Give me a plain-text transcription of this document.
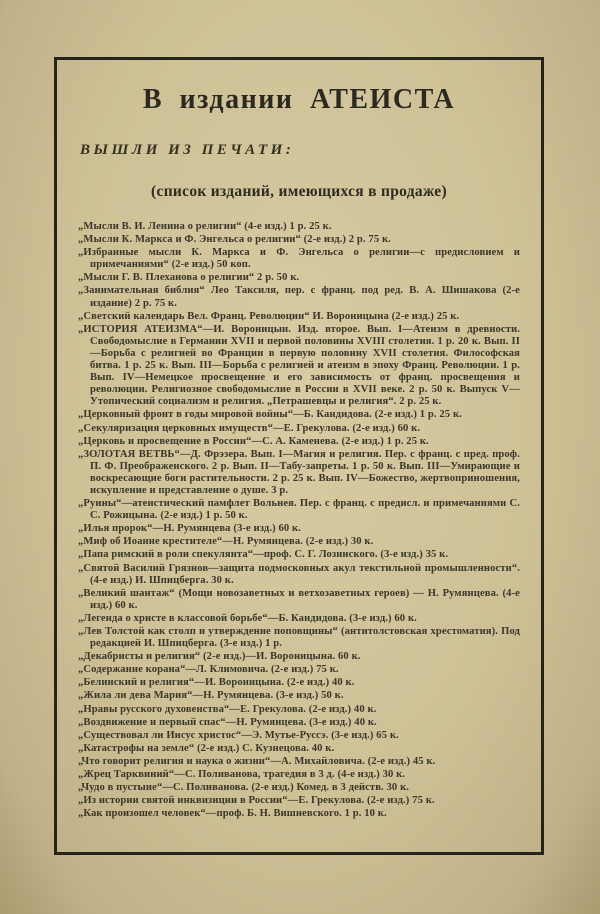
В издании АТЕИСТА
ВЫШЛИ ИЗ ПЕЧАТИ:
(список изданий, имеющихся в продаже)

„Мысли В. И. Ленина о религии“ (4-е изд.) 1 р. 25 к.

„Мысли К. Маркса и Ф. Энгельса о религии“ (2-е изд.) 2 р. 75 к.

„Избранные мысли К. Маркса и Ф. Энгельса о религии—с предисловием и примечаниями“ (2-е изд.) 50 коп.

„Мысли Г. В. Плеханова о религии“ 2 р. 50 к.

„Занимательная библия“ Лео Таксиля, пер. с франц. под ред. В. А. Шишакова (2-е издание) 2 р. 75 к.

„Светский календарь Вел. Франц. Революции“ И. Вороницына (2-е изд.) 25 к.

„ИСТОРИЯ АТЕИЗМА“—И. Вороницын. Изд. второе. Вып. I—Атеизм в древности. Свободомыслие в Германии XVII и первой половины XVIII столетия. 1 р. 20 к. Вып. II—Борьба с религией во Франции в первую половину XVII столетия. Философская битва. 1 р. 25 к. Вып. III—Борьба с религией и атеизм в эпоху Франц. Революции. 1 р. Вып. IV—Немецкое просвещение и его зависимость от франц. просвещения и революции. Религиозное свободомыслие в России в XVII веке. 2 р. 50 к. Выпуск V—Утопический социализм и религия. „Петрашевцы и религия“. 2 р. 25 к.

„Церковный фронт в годы мировой войны“—Б. Кандидова. (2-е изд.) 1 р. 25 к.

„Секуляризация церковных имуществ“—Е. Грекулова. (2-е изд.) 60 к.

„Церковь и просвещение в России“—С. А. Каменева. (2-е изд.) 1 р. 25 к.

„ЗОЛОТАЯ ВЕТВЬ“—Д. Фрэзера. Вып. I—Магия и религия. Пер. с франц. с пред. проф. П. Ф. Преображенского. 2 р. Вып. II—Табу-запреты. 1 р. 50 к. Вып. III—Умирающие и воскресающие боги растительности. 2 р. 25 к. Вып. IV—Божество, жертвоприношения, искупление и представление о душе. 3 р.

„Руины“—атеистический памфлет Вольнея. Пер. с франц. с предисл. и примечаниями С. С. Рожицына. (2-е изд.) 1 р. 50 к.

„Илья пророк“—Н. Румянцева (3-е изд.) 60 к.

„Миф об Иоанне крестителе“—Н. Румянцева. (2-е изд.) 30 к.

„Папа римский в роли спекулянта“—проф. С. Г. Лозинского. (3-е изд.) 35 к.

„Святой Василий Грязнов—защита подмосковных акул текстильной промышленности“. (4-е изд.) И. Шпицберга. 30 к.

„Великий шантаж“ (Мощи новозаветных и ветхозаветных героев) — Н. Румянцева. (4-е изд.) 60 к.

„Легенда о христе в классовой борьбе“—Б. Кандидова. (3-е изд.) 60 к.

„Лев Толстой как столп и утверждение поповщины“ (антитолстовская хрестоматия). Под редакцией И. Шпицберга. (3-е изд.) 1 р.

„Декабристы и религия“ (2-е изд.)—И. Вороницына. 60 к.

„Содержание корана“—Л. Климовича. (2-е изд.) 75 к.

„Белинский и религия“—И. Вороницына. (2-е изд.) 40 к.

„Жила ли дева Мария“—Н. Румянцева. (3-е изд.) 50 к.

„Нравы русского духовенства“—Е. Грекулова. (2-е изд.) 40 к.

„Воздвижение и первый спас“—Н. Румянцева. (3-е изд.) 40 к.

„Существовал ли Иисус христос“—Э. Мутье-Руссэ. (3-е изд.) 65 к.

„Катастрофы на земле“ (2-е изд.) С. Кузнецова. 40 к.

„Что говорит религия и наука о жизни“—А. Михайловича. (2-е изд.) 45 к.

„Жрец Тарквиний“—С. Поливанова, трагедия в 3 д. (4-е изд.) 30 к.

„Чудо в пустыне“—С. Поливанова. (2-е изд.) Комед. в 3 действ. 30 к.

„Из истории святой инквизиции в России“—Е. Грекулова. (2-е изд.) 75 к.

„Как произошел человек“—проф. Б. Н. Вишневского. 1 р. 10 к.
